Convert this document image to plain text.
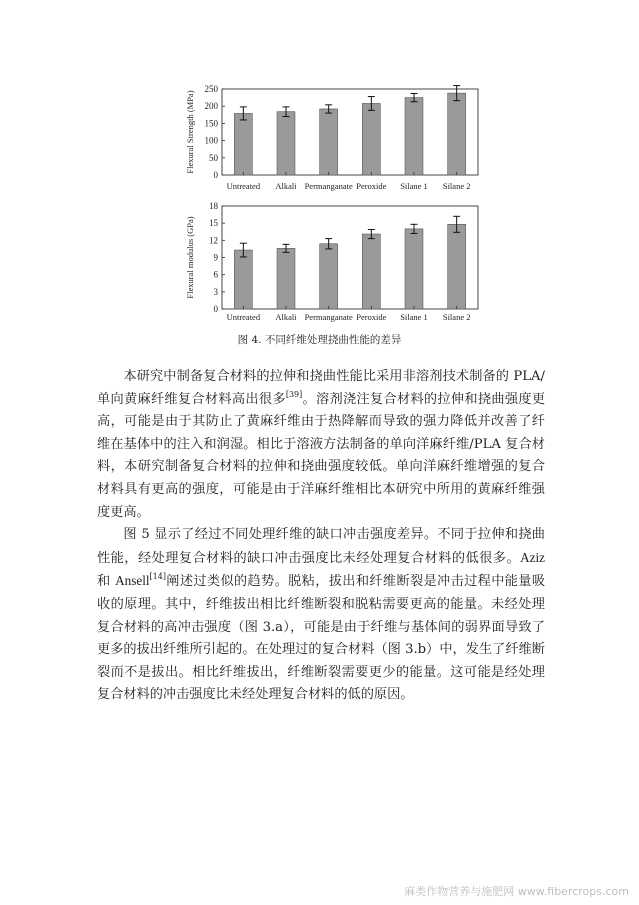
0
50
100
150
200
250
Flexural Strength (MPa)
Untreated Alkali Permanganate Peroxide Silane 1 Silane 2
0
3
6
9
12
15
18
Flexural modulus (GPa)
Untreated Alkali Permanganate Peroxide Silane 1 Silane 2

图 4. 不同纤维处理挠曲性能的差异

本研究中制备复合材料的拉伸和挠曲性能比采用非溶剂技术制备的 PLA/单向黄麻纤维复合材料高出很多[39]。溶剂浇注复合材料的拉伸和挠曲强度更高，可能是由于其防止了黄麻纤维由于热降解而导致的强力降低并改善了纤维在基体中的注入和润湿。相比于溶液方法制备的单向洋麻纤维/PLA 复合材料，本研究制备复合材料的拉伸和挠曲强度较低。单向洋麻纤维增强的复合材料具有更高的强度，可能是由于洋麻纤维相比本研究中所用的黄麻纤维强度更高。

图 5 显示了经过不同处理纤维的缺口冲击强度差异。不同于拉伸和挠曲性能，经处理复合材料的缺口冲击强度比未经处理复合材料的低很多。Aziz 和 Ansell[14]阐述过类似的趋势。脱粘，拔出和纤维断裂是冲击过程中能量吸收的原理。其中，纤维拔出相比纤维断裂和脱粘需要更高的能量。未经处理复合材料的高冲击强度（图 3.a），可能是由于纤维与基体间的弱界面导致了更多的拔出纤维所引起的。在处理过的复合材料（图 3.b）中，发生了纤维断裂而不是拔出。相比纤维拔出，纤维断裂需要更少的能量。这可能是经处理复合材料的冲击强度比未经处理复合材料的低的原因。

麻类作物营养与施肥网 www.fibercrops.com
